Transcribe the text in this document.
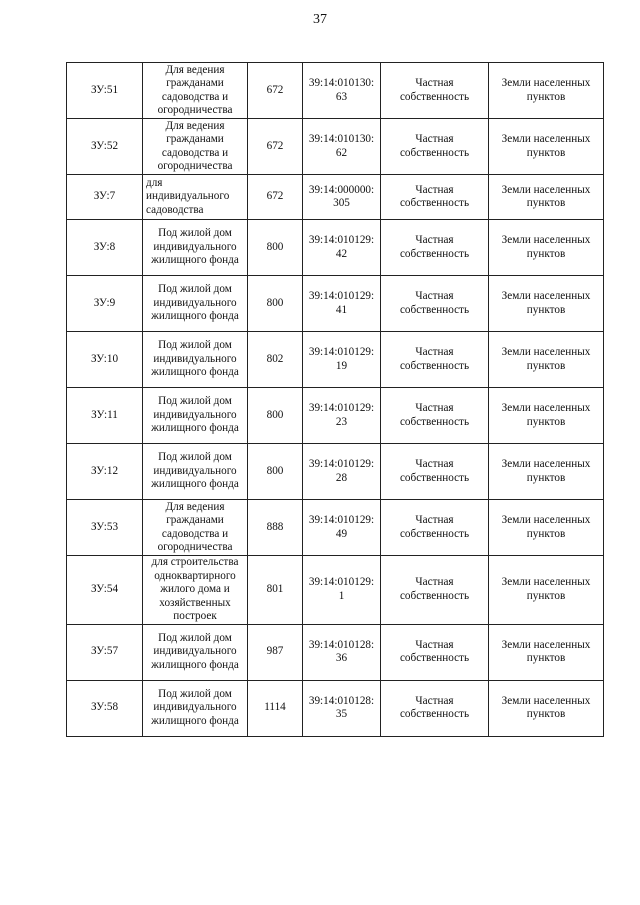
37
ЗУ:51	Для ведения гражданами садоводства и огородничества	672	39:14:010130: 63	Частная собственность	Земли населенных пунктов
ЗУ:52	Для ведения гражданами садоводства и огородничества	672	39:14:010130: 62	Частная собственность	Земли населенных пунктов
ЗУ:7	для индивидуального садоводства	672	39:14:000000: 305	Частная собственность	Земли населенных пунктов
ЗУ:8	Под жилой дом индивидуального жилищного фонда	800	39:14:010129: 42	Частная собственность	Земли населенных пунктов
ЗУ:9	Под жилой дом индивидуального жилищного фонда	800	39:14:010129: 41	Частная собственность	Земли населенных пунктов
ЗУ:10	Под жилой дом индивидуального жилищного фонда	802	39:14:010129: 19	Частная собственность	Земли населенных пунктов
ЗУ:11	Под жилой дом индивидуального жилищного фонда	800	39:14:010129: 23	Частная собственность	Земли населенных пунктов
ЗУ:12	Под жилой дом индивидуального жилищного фонда	800	39:14:010129: 28	Частная собственность	Земли населенных пунктов
ЗУ:53	Для ведения гражданами садоводства и огородничества	888	39:14:010129: 49	Частная собственность	Земли населенных пунктов
ЗУ:54	для строительства одноквартирного жилого дома и хозяйственных построек	801	39:14:010129: 1	Частная собственность	Земли населенных пунктов
ЗУ:57	Под жилой дом индивидуального жилищного фонда	987	39:14:010128: 36	Частная собственность	Земли населенных пунктов
ЗУ:58	Под жилой дом индивидуального жилищного фонда	1114	39:14:010128: 35	Частная собственность	Земли населенных пунктов
